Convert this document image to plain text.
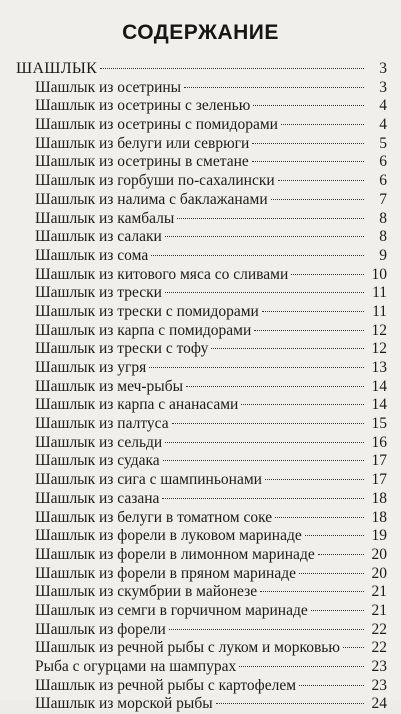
СОДЕРЖАНИЕ
ШАШЛЫК	3
Шашлык из осетрины	3
Шашлык из осетрины с зеленью	4
Шашлык из осетрины с помидорами	4
Шашлык из белуги или севрюги	5
Шашлык из осетрины в сметане	6
Шашлык из горбуши по-сахалински	6
Шашлык из налима с баклажанами	7
Шашлык из камбалы	8
Шашлык из салаки	8
Шашлык из сома	9
Шашлык из китового мяса со сливами	10
Шашлык из трески	11
Шашлык из трески с помидорами	11
Шашлык из карпа с помидорами	12
Шашлык из трески с тофу	12
Шашлык из угря	13
Шашлык из меч-рыбы	14
Шашлык из карпа с ананасами	14
Шашлык из палтуса	15
Шашлык из сельди	16
Шашлык из судака	17
Шашлык из сига с шампиньонами	17
Шашлык из сазана	18
Шашлык из белуги в томатном соке	18
Шашлык из форели в луковом маринаде	19
Шашлык из форели в лимонном маринаде	20
Шашлык из форели в пряном маринаде	20
Шашлык из скумбрии в майонезе	21
Шашлык из семги в горчичном маринаде	21
Шашлык из форели	22
Шашлык из речной рыбы с луком и морковью 22
Рыба с огурцами на шампурах	23
Шашлык из речной рыбы с картофелем	23
Шашлык из морской рыбы	24
